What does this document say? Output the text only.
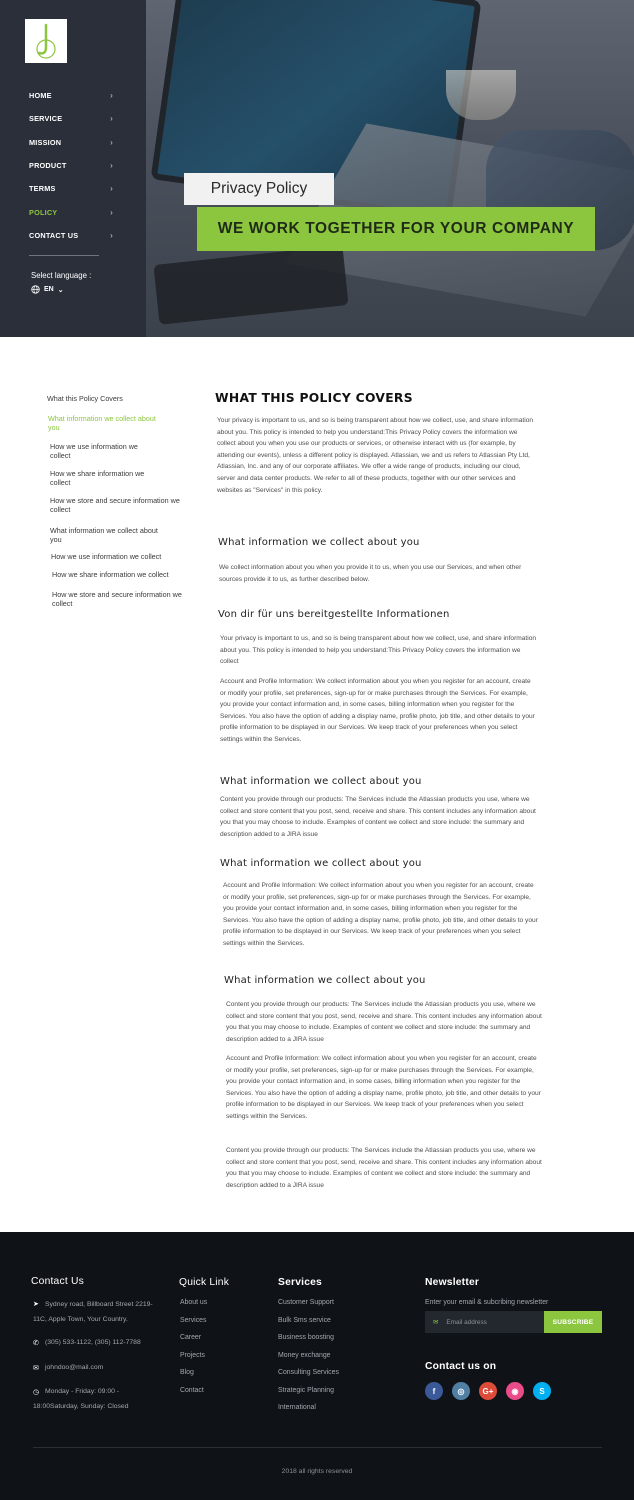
HOME	›
SERVICE	›
MISSION	›
PRODUCT	›
TERMS	›
POLICY	›
CONTACT US	›
Select language :
EN ⌄
Privacy Policy
WE WORK TOGETHER FOR YOUR COMPANY
What this Policy Covers
What information we collect about you
How we use information we collect
How we share information we collect
How we store and secure information we collect
What information we collect about you
How we use information we collect
How we share information we collect
How we store and secure information we collect
WHAT THIS POLICY COVERS
Your privacy is important to us, and so is being transparent about how we collect, use, and share information about you. This policy is intended to help you understand:This Privacy Policy covers the information we collect about you when you use our products or services, or otherwise interact with us (for example, by attending our events), unless a different policy is displayed. Atlassian, we and us refers to Atlassian Pty Ltd, Atlassian, Inc. and any of our corporate affiliates. We offer a wide range of products, including our cloud, server and data center products. We refer to all of these products, together with our other services and websites as "Services" in this policy.
What information we collect about you
We collect information about you when you provide it to us, when you use our Services, and when other sources provide it to us, as further described below.
Von dir für uns bereitgestellte Informationen
Your privacy is important to us, and so is being transparent about how we collect, use, and share information about you. This policy is intended to help you understand:This Privacy Policy covers the information we collect
Account and Profile Information: We collect information about you when you register for an account, create or modify your profile, set preferences, sign-up for or make purchases through the Services. For example, you provide your contact information and, in some cases, billing information when you register for the Services. You also have the option of adding a display name, profile photo, job title, and other details to your profile information to be displayed in our Services. We keep track of your preferences when you select settings within the Services.
What information we collect about you
Content you provide through our products: The Services include the Atlassian products you use, where we collect and store content that you post, send, receive and share. This content includes any information about you that you may choose to include. Examples of content we collect and store include: the summary and description added to a JIRA issue
What information we collect about you
Account and Profile Information: We collect information about you when you register for an account, create or modify your profile, set preferences, sign-up for or make purchases through the Services. For example, you provide your contact information and, in some cases, billing information when you register for the Services. You also have the option of adding a display name, profile photo, job title, and other details to your profile information to be displayed in our Services. We keep track of your preferences when you select settings within the Services.
What information we collect about you
Content you provide through our products: The Services include the Atlassian products you use, where we collect and store content that you post, send, receive and share. This content includes any information about you that you may choose to include. Examples of content we collect and store include: the summary and description added to a JIRA issue
Account and Profile Information: We collect information about you when you register for an account, create or modify your profile, set preferences, sign-up for or make purchases through the Services. For example, you provide your contact information and, in some cases, billing information when you register for the Services. You also have the option of adding a display name, profile photo, job title, and other details to your profile information to be displayed in our Services. We keep track of your preferences when you select settings within the Services.
Content you provide through our products: The Services include the Atlassian products you use, where we collect and store content that you post, send, receive and share. This content includes any information about you that you may choose to include. Examples of content we collect and store include: the summary and description added to a JIRA issue
Contact Us
➤ Sydney road, Billboard Street 2219-11C, Apple Town, Your Country.
✆ (305) 533-1122, (305) 112-7788
✉ johndoo@mail.com
◷ Monday - Friday: 09:00 - 18:00Saturday, Sunday: Closed
Quick Link
About us
Services
Career
Projects
Blog
Contact
Services
Customer Support
Bulk Sms service
Business boosting
Money exchange
Consulting Services
Strategic Planning
International
Newsletter
Enter your email & subcribing newsletter
✉ Email address	SUBSCRIBE
Contact us on
f	◎	G+	◉	S
2018 all rights reserved
